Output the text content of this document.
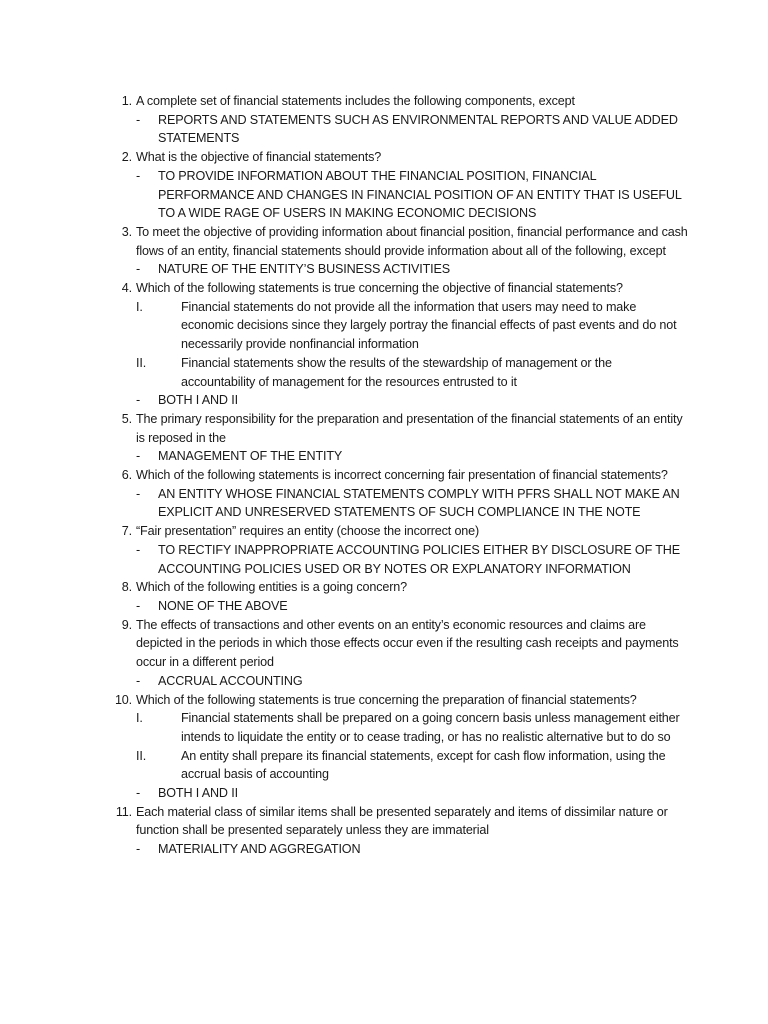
1. A complete set of financial statements includes the following components, except
- REPORTS AND STATEMENTS SUCH AS ENVIRONMENTAL REPORTS AND VALUE ADDED STATEMENTS
2. What is the objective of financial statements?
- TO PROVIDE INFORMATION ABOUT THE FINANCIAL POSITION, FINANCIAL PERFORMANCE AND CHANGES IN FINANCIAL POSITION OF AN ENTITY THAT IS USEFUL TO A WIDE RAGE OF USERS IN MAKING ECONOMIC DECISIONS
3. To meet the objective of providing information about financial position, financial performance and cash flows of an entity, financial statements should provide information about all of the following, except
- NATURE OF THE ENTITY’S BUSINESS ACTIVITIES
4. Which of the following statements is true concerning the objective of financial statements?
I.	Financial statements do not provide all the information that users may need to make economic decisions since they largely portray the financial effects of past events and do not necessarily provide nonfinancial information
II.	Financial statements show the results of the stewardship of management or the accountability of management for the resources entrusted to it
- BOTH I AND II
5. The primary responsibility for the preparation and presentation of the financial statements of an entity is reposed in the
- MANAGEMENT OF THE ENTITY
6. Which of the following statements is incorrect concerning fair presentation of financial statements?
- AN ENTITY WHOSE FINANCIAL STATEMENTS COMPLY WITH PFRS SHALL NOT MAKE AN EXPLICIT AND UNRESERVED STATEMENTS OF SUCH COMPLIANCE IN THE NOTE
7. “Fair presentation” requires an entity (choose the incorrect one)
- TO RECTIFY INAPPROPRIATE ACCOUNTING POLICIES EITHER BY DISCLOSURE OF THE ACCOUNTING POLICIES USED OR BY NOTES OR EXPLANATORY INFORMATION
8. Which of the following entities is a going concern?
- NONE OF THE ABOVE
9. The effects of transactions and other events on an entity’s economic resources and claims are depicted in the periods in which those effects occur even if the resulting cash receipts and payments occur in a different period
- ACCRUAL ACCOUNTING
10. Which of the following statements is true concerning the preparation of financial statements?
I.	Financial statements shall be prepared on a going concern basis unless management either intends to liquidate the entity or to cease trading, or has no realistic alternative but to do so
II.	An entity shall prepare its financial statements, except for cash flow information, using the accrual basis of accounting
- BOTH I AND II
11. Each material class of similar items shall be presented separately and items of dissimilar nature or function shall be presented separately unless they are immaterial
- MATERIALITY AND AGGREGATION
